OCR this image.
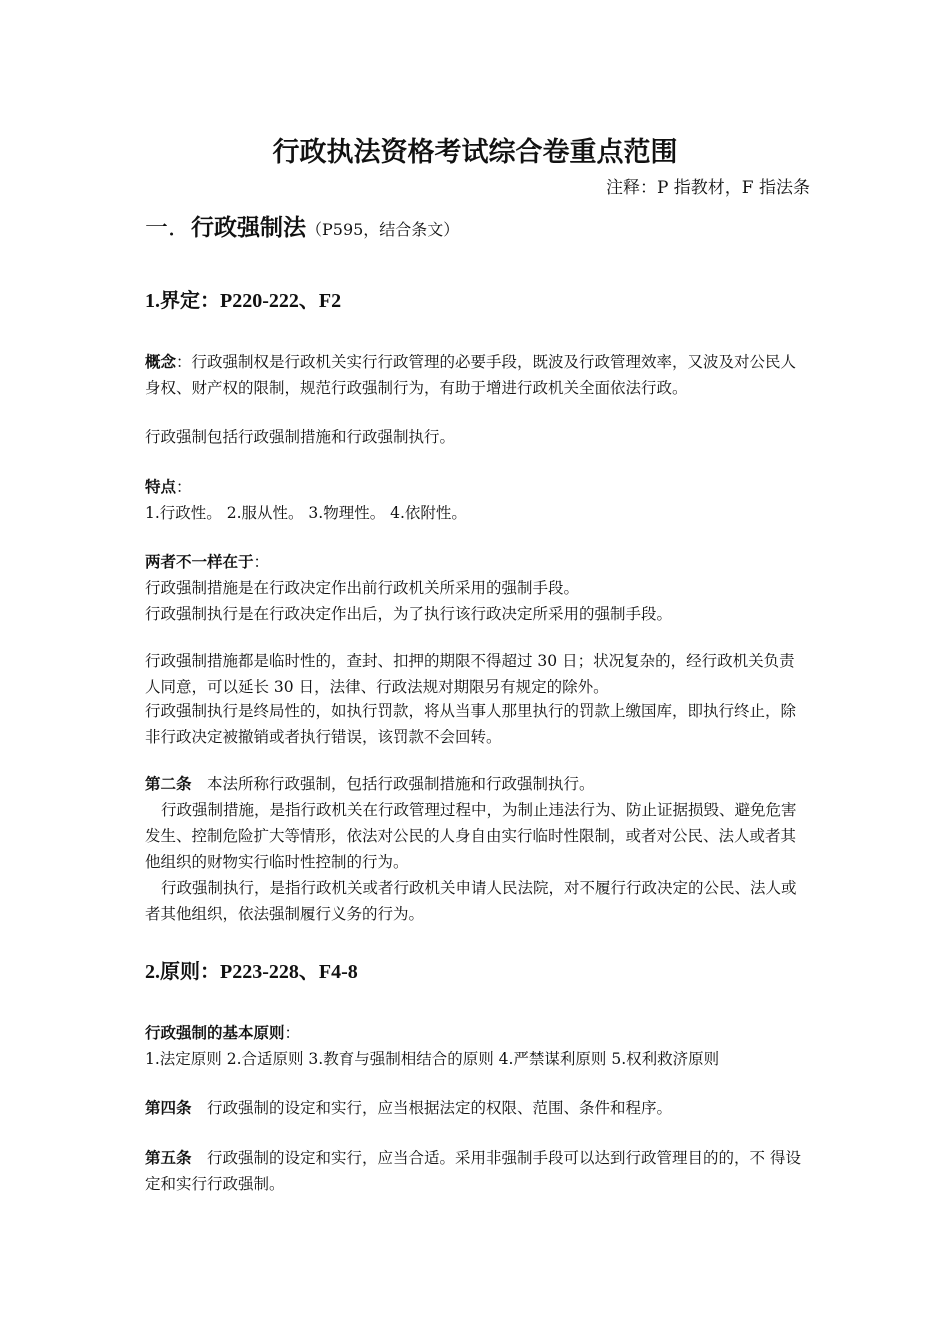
行政执法资格考试综合卷重点范围
注释：P 指教材，F 指法条
一．行政强制法（P595，结合条文）
1.界定：P220-222、F2
概念：行政强制权是行政机关实行行政管理的必要手段，既波及行政管理效率，又波及对公民人身权、财产权的限制，规范行政强制行为，有助于增进行政机关全面依法行政。
行政强制包括行政强制措施和行政强制执行。
特点：
1.行政性。 2.服从性。 3.物理性。 4.依附性。
两者不一样在于：
行政强制措施是在行政决定作出前行政机关所采用的强制手段。
行政强制执行是在行政决定作出后，为了执行该行政决定所采用的强制手段。
行政强制措施都是临时性的，查封、扣押的期限不得超过 30 日；状况复杂的，经行政机关负责人同意，可以延长 30 日，法律、行政法规对期限另有规定的除外。
行政强制执行是终局性的，如执行罚款，将从当事人那里执行的罚款上缴国库，即执行终止，除非行政决定被撤销或者执行错误，该罚款不会回转。
第二条　本法所称行政强制，包括行政强制措施和行政强制执行。
行政强制措施，是指行政机关在行政管理过程中，为制止违法行为、防止证据损毁、避免危害发生、控制危险扩大等情形，依法对公民的人身自由实行临时性限制，或者对公民、法人或者其他组织的财物实行临时性控制的行为。
行政强制执行，是指行政机关或者行政机关申请人民法院，对不履行行政决定的公民、法人或者其他组织，依法强制履行义务的行为。
2.原则：P223-228、F4-8
行政强制的基本原则：
1.法定原则 2.合适原则 3.教育与强制相结合的原则 4.严禁谋利原则 5.权利救济原则
第四条　行政强制的设定和实行，应当根据法定的权限、范围、条件和程序。
第五条　行政强制的设定和实行，应当合适。采用非强制手段可以达到行政管理目的的，不 得设定和实行行政强制。
